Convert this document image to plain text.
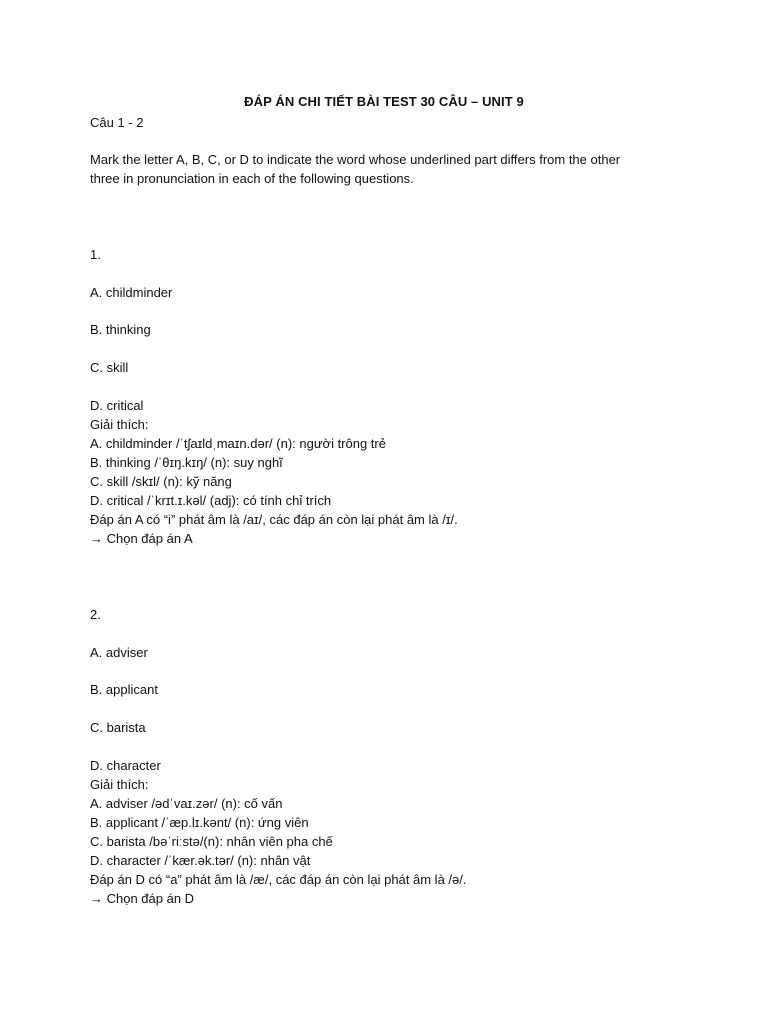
ĐÁP ÁN CHI TIẾT BÀI TEST 30 CÂU – UNIT 9
Câu 1 - 2
Mark the letter A, B, C, or D to indicate the word whose underlined part differs from the other
three in pronunciation in each of the following questions.
1.
A. childminder
B. thinking
C. skill
D. critical
Giải thích:
A. childminder /ˈtʃaɪldˌmaɪn.dər/ (n): người trông trẻ
B. thinking /ˈθɪŋ.kɪŋ/ (n): suy nghĩ
C. skill /skɪl/ (n): kỹ năng
D. critical /ˈkrɪt.ɪ.kəl/ (adj): có tính chỉ trích
Đáp án A có “i” phát âm là /aɪ/, các đáp án còn lại phát âm là /ɪ/.
→ Chọn đáp án A
2.
A. adviser
B. applicant
C. barista
D. character
Giải thích:
A. adviser /ədˈvaɪ.zər/ (n): cố vấn
B. applicant /ˈæp.lɪ.kənt/ (n): ứng viên
C. barista /bəˈriːstə/(n): nhân viên pha chế
D. character /ˈkær.ək.tər/ (n): nhân vật
Đáp án D có “a” phát âm là /æ/, các đáp án còn lại phát âm là /ə/.
→ Chọn đáp án D
